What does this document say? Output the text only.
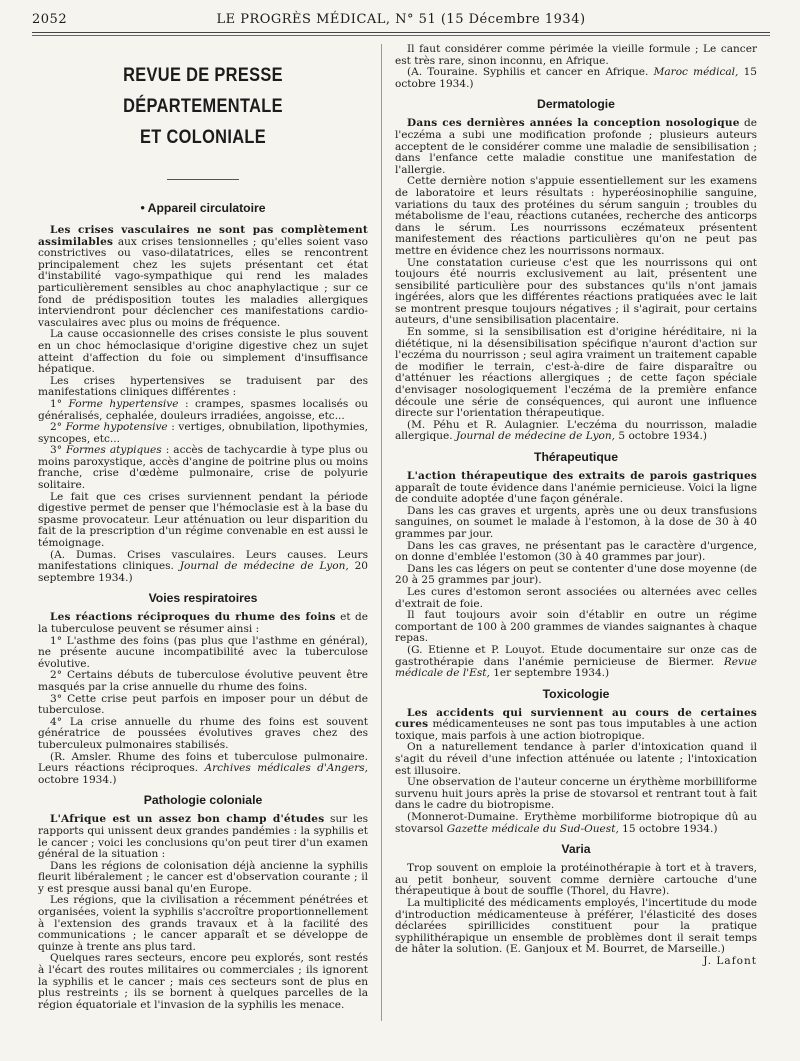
2052	LE PROGRÈS MÉDICAL, N° 51 (15 Décembre 1934)
REVUE DE PRESSE DÉPARTEMENTALE
ET COLONIALE
• Appareil circulatoire

Les crises vasculaires ne sont pas complètement assimilables aux crises tensionnelles ; qu'elles soient vaso constrictives ou vaso-dilatatrices, elles se rencontrent principalement chez les sujets présentant cet état d'instabilité vago-sympathique qui rend les malades particulièrement sensibles au choc anaphylactique ; sur ce fond de prédisposition toutes les maladies allergiques interviendront pour déclencher ces manifestations cardio-vasculaires avec plus ou moins de fréquence.

La cause occasionnelle des crises consiste le plus souvent en un choc hémoclasique d'origine digestive chez un sujet atteint d'affection du foie ou simplement d'insuffisance hépatique.

Les crises hypertensives se traduisent par des manifestations cliniques différentes :

1° Forme hypertensive : crampes, spasmes localisés ou généralisés, cephalée, douleurs irradiées, angoisse, etc...

2° Forme hypotensive : vertiges, obnubilation, lipothymies, syncopes, etc...

3° Formes atypiques : accès de tachycardie à type plus ou moins paroxystique, accès d'angine de poitrine plus ou moins franche, crise d'œdème pulmonaire, crise de polyurie solitaire.

Le fait que ces crises surviennent pendant la période digestive permet de penser que l'hémoclasie est à la base du spasme provocateur. Leur atténuation ou leur disparition du fait de la prescription d'un régime convenable en est aussi le témoignage.

(A. Dumas. Crises vasculaires. Leurs causes. Leurs manifestations cliniques. Journal de médecine de Lyon, 20 septembre 1934.)

Voies respiratoires

Les réactions réciproques du rhume des foins et de la tuberculose peuvent se résumer ainsi :

1° L'asthme des foins (pas plus que l'asthme en général), ne présente aucune incompatibilité avec la tuberculose évolutive.

2° Certains débuts de tuberculose évolutive peuvent être masqués par la crise annuelle du rhume des foins.

3° Cette crise peut parfois en imposer pour un début de tuberculose.

4° La crise annuelle du rhume des foins est souvent génératrice de poussées évolutives graves chez des tuberculeux pulmonaires stabilisés.

(R. Amsler. Rhume des foins et tuberculose pulmonaire. Leurs réactions réciproques. Archives médicales d'Angers, octobre 1934.)

Pathologie coloniale

L'Afrique est un assez bon champ d'études sur les rapports qui unissent deux grandes pandémies : la syphilis et le cancer ; voici les conclusions qu'on peut tirer d'un examen général de la situation :

Dans les régions de colonisation déjà ancienne la syphilis fleurit libéralement ; le cancer est d'observation courante ; il y est presque aussi banal qu'en Europe.

Les régions, que la civilisation a récemment pénétrées et organisées, voient la syphilis s'accroître proportionnellement à l'extension des grands travaux et à la facilité des communications ; le cancer apparaît et se développe de quinze à trente ans plus tard.

Quelques rares secteurs, encore peu explorés, sont restés à l'écart des routes militaires ou commerciales ; ils ignorent la syphilis et le cancer ; mais ces secteurs sont de plus en plus restreints ; ils se bornent à quelques parcelles de la région équatoriale et l'invasion de la syphilis les menace.

Il faut considérer comme périmée la vieille formule ; Le cancer est très rare, sinon inconnu, en Afrique.

(A. Touraine. Syphilis et cancer en Afrique. Maroc médical, 15 octobre 1934.)

Dermatologie

Dans ces dernières années la conception nosologique de l'eczéma a subi une modification profonde ; plusieurs auteurs acceptent de le considérer comme une maladie de sensibilisation ; dans l'enfance cette maladie constitue une manifestation de l'allergie.

Cette dernière notion s'appuie essentiellement sur les examens de laboratoire et leurs résultats : hyperéosinophilie sanguine, variations du taux des protéines du sérum sanguin ; troubles du métabolisme de l'eau, réactions cutanées, recherche des anticorps dans le sérum. Les nourrissons eczémateux présentent manifestement des réactions particulières qu'on ne peut pas mettre en évidence chez les nourrissons normaux.

Une constatation curieuse c'est que les nourrissons qui ont toujours été nourris exclusivement au lait, présentent une sensibilité particulière pour des substances qu'ils n'ont jamais ingérées, alors que les différentes réactions pratiquées avec le lait se montrent presque toujours négatives ; il s'agirait, pour certains auteurs, d'une sensibilisation placentaire.

En somme, si la sensibilisation est d'origine héréditaire, ni la diététique, ni la désensibilisation spécifique n'auront d'action sur l'eczéma du nourrisson ; seul agira vraiment un traitement capable de modifier le terrain, c'est-à-dire de faire disparaître ou d'atténuer les réactions allergiques ; de cette façon spéciale d'envisager nosologiquement l'eczéma de la première enfance découle une série de conséquences, qui auront une influence directe sur l'orientation thérapeutique.

(M. Péhu et R. Aulagnier. L'eczéma du nourrisson, maladie allergique. Journal de médecine de Lyon, 5 octobre 1934.)

Thérapeutique

L'action thérapeutique des extraits de parois gastriques apparaît de toute évidence dans l'anémie pernicieuse. Voici la ligne de conduite adoptée d'une façon générale.

Dans les cas graves et urgents, après une ou deux transfusions sanguines, on soumet le malade à l'estomon, à la dose de 30 à 40 grammes par jour.

Dans les cas graves, ne présentant pas le caractère d'urgence, on donne d'emblée l'estomon (30 à 40 grammes par jour).

Dans les cas légers on peut se contenter d'une dose moyenne (de 20 à 25 grammes par jour).

Les cures d'estomon seront associées ou alternées avec celles d'extrait de foie.

Il faut toujours avoir soin d'établir en outre un régime comportant de 100 à 200 grammes de viandes saignantes à chaque repas.

(G. Etienne et P. Louyot. Etude documentaire sur onze cas de gastrothérapie dans l'anémie pernicieuse de Biermer. Revue médicale de l'Est, 1er septembre 1934.)

Toxicologie

Les accidents qui surviennent au cours de certaines cures médicamenteuses ne sont pas tous imputables à une action toxique, mais parfois à une action biotropique.

On a naturellement tendance à parler d'intoxication quand il s'agit du réveil d'une infection atténuée ou latente ; l'intoxication est illusoire.

Une observation de l'auteur concerne un érythème morbilliforme survenu huit jours après la prise de stovarsol et rentrant tout à fait dans le cadre du biotropisme.

(Monnerot-Dumaine. Erythème morbiliforme biotropique dû au stovarsol Gazette médicale du Sud-Ouest, 15 octobre 1934.)

Varia

Trop souvent on emploie la protéinothérapie à tort et à travers, au petit bonheur, souvent comme dernière cartouche d'une thérapeutique à bout de souffle (Thorel, du Havre).

La multiplicité des médicaments employés, l'incertitude du mode d'introduction médicamenteuse à préférer, l'élasticité des doses déclarées spirillicides constituent pour la pratique syphilithérapique un ensemble de problèmes dont il serait temps de hâter la solution. (E. Ganjoux et M. Bourret, de Marseille.)

J. Lafont
